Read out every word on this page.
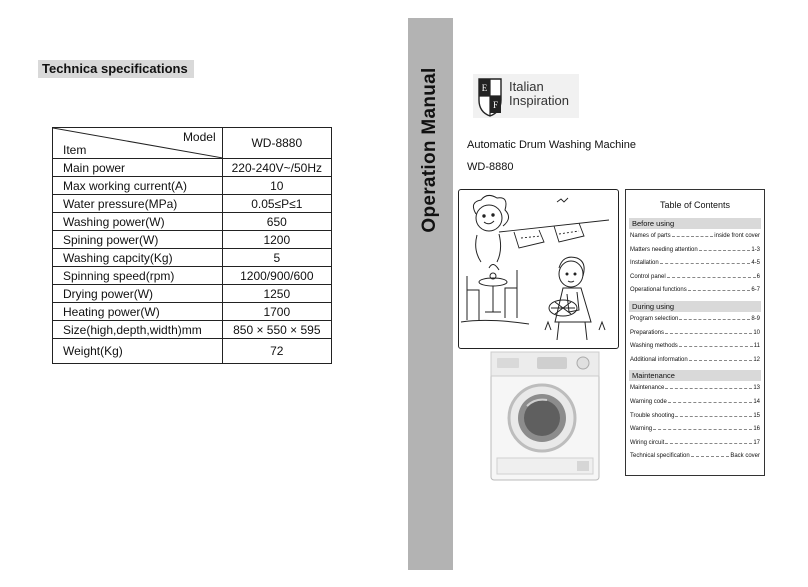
Technica specifications
Model
Item	WD-8880
Main power	220-240V~/50Hz
Max working current(A)	10
Water pressure(MPa)	0.05≤P≤1
Washing power(W)	650
Spining power(W)	1200
Washing capcity(Kg)	5
Spinning speed(rpm)	1200/900/600
Drying power(W)	1250
Heating power(W)	1700
Size(high,depth,width)mm	850 × 550 × 595
Weight(Kg)	72
Operation Manual	E
F
Italian
Inspiration
Automatic Drum Washing Machine
WD-8880
Table of Contents
Before using
Names of parts	inside front cover
Matters needing attention	1-3
Installation	4-5
Control panel	6
Operational functions	6-7
During using
Program selection	8-9
Preparations	10
Washing methods	11
Additional information	12
Maintenance
Maintenance	13
Warning code	14
Trouble shooting	15
Warning	16
Wiring circuit	17
Technical specification	Back cover
